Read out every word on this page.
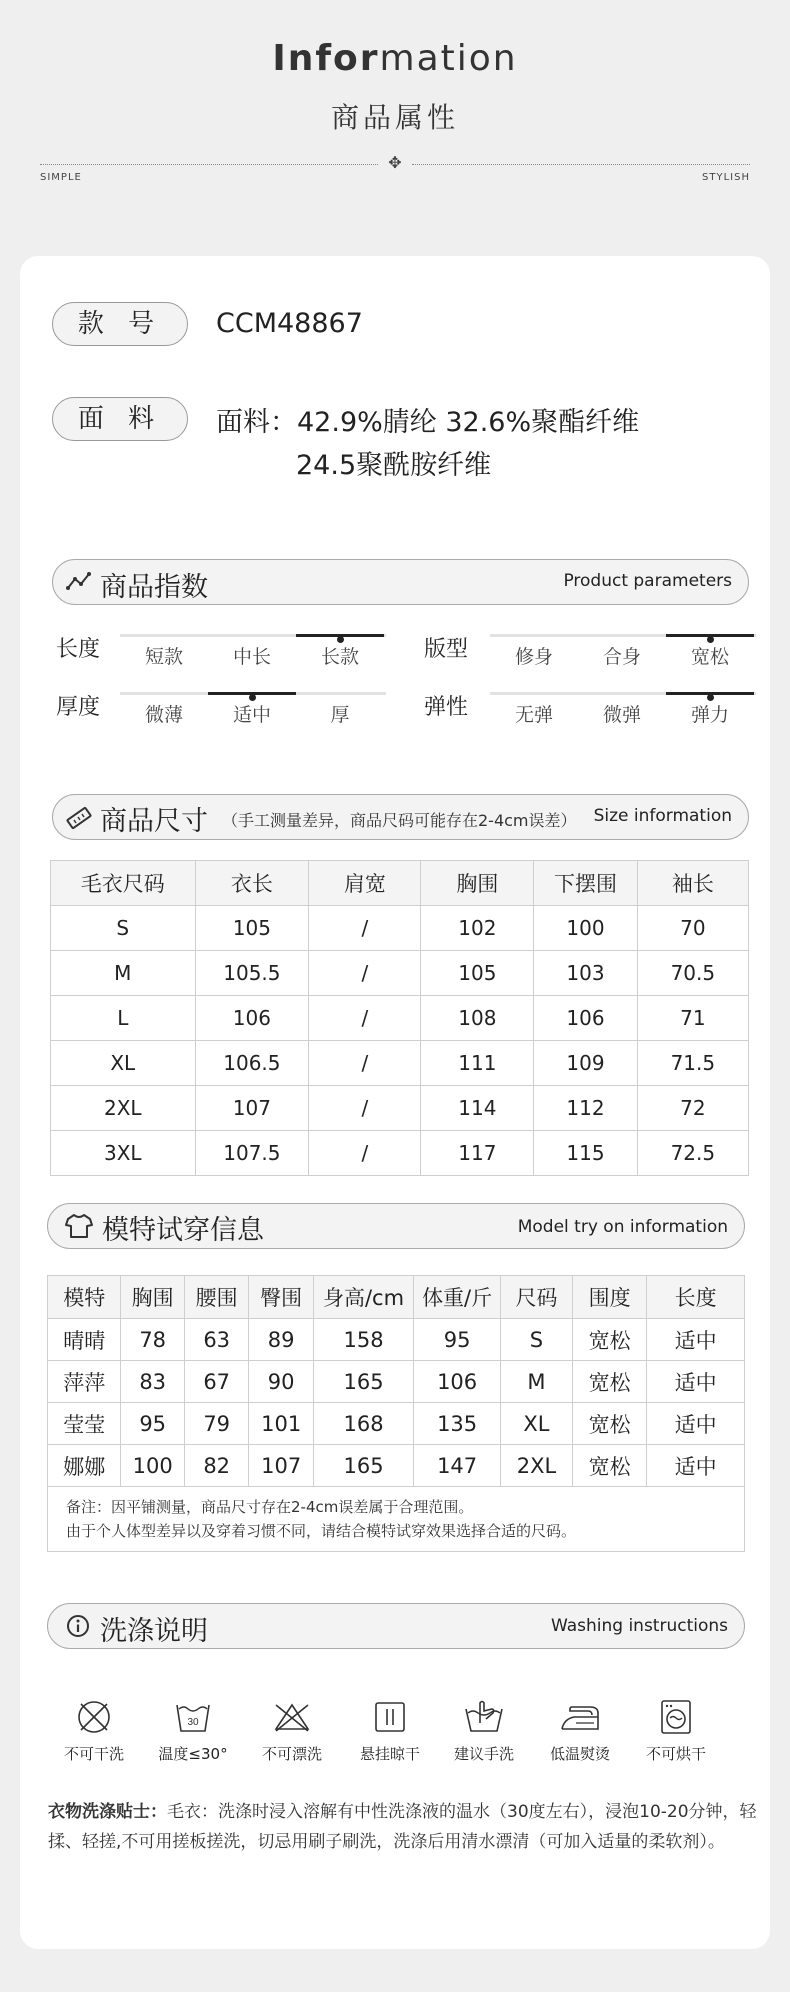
Information
商品属性
✥
SIMPLE	STYLISH
款 号	CCM48867
面 料	面料：42.9%腈纶 32.6%聚酯纤维
24.5聚酰胺纤维
商品指数	Product parameters
长度	短款	中长	长款	版型	修身	合身	宽松
厚度	微薄	适中	厚	弹性	无弹	微弹	弹力
商品尺寸 （手工测量差异，商品尺码可能存在2-4cm误差） Size information
毛衣尺码	衣长	肩宽	胸围	下摆围	袖长
S	105	/	102	100	70
M	105.5	/	105	103	70.5
L	106	/	108	106	71
XL	106.5	/	111	109	71.5
2XL	107	/	114	112	72
3XL	107.5	/	117	115	72.5
模特试穿信息	Model try on information
模特	胸围	腰围	臀围	身高/cm	体重/斤	尺码	围度	长度
晴晴	78	63	89	158	95	S	宽松	适中
萍萍	83	67	90	165	106	M	宽松	适中
莹莹	95	79	101	168	135	XL	宽松	适中
娜娜	100	82	107	165	147	2XL	宽松	适中

备注：因平铺测量，商品尺寸存在2-4cm误差属于合理范围。
由于个人体型差异以及穿着习惯不同，请结合模特试穿效果选择合适的尺码。								
洗涤说明	Washing instructions
不可干洗
30
温度≤30°	不可漂洗	悬挂晾干	建议手洗	低温熨烫	不可烘干
衣物洗涤贴士：毛衣：洗涤时浸入溶解有中性洗涤液的温水（30度左右），浸泡10-20分钟，轻揉、轻搓,不可用搓板搓洗，切忌用刷子刷洗，洗涤后用清水漂清（可加入适量的柔软剂）。
